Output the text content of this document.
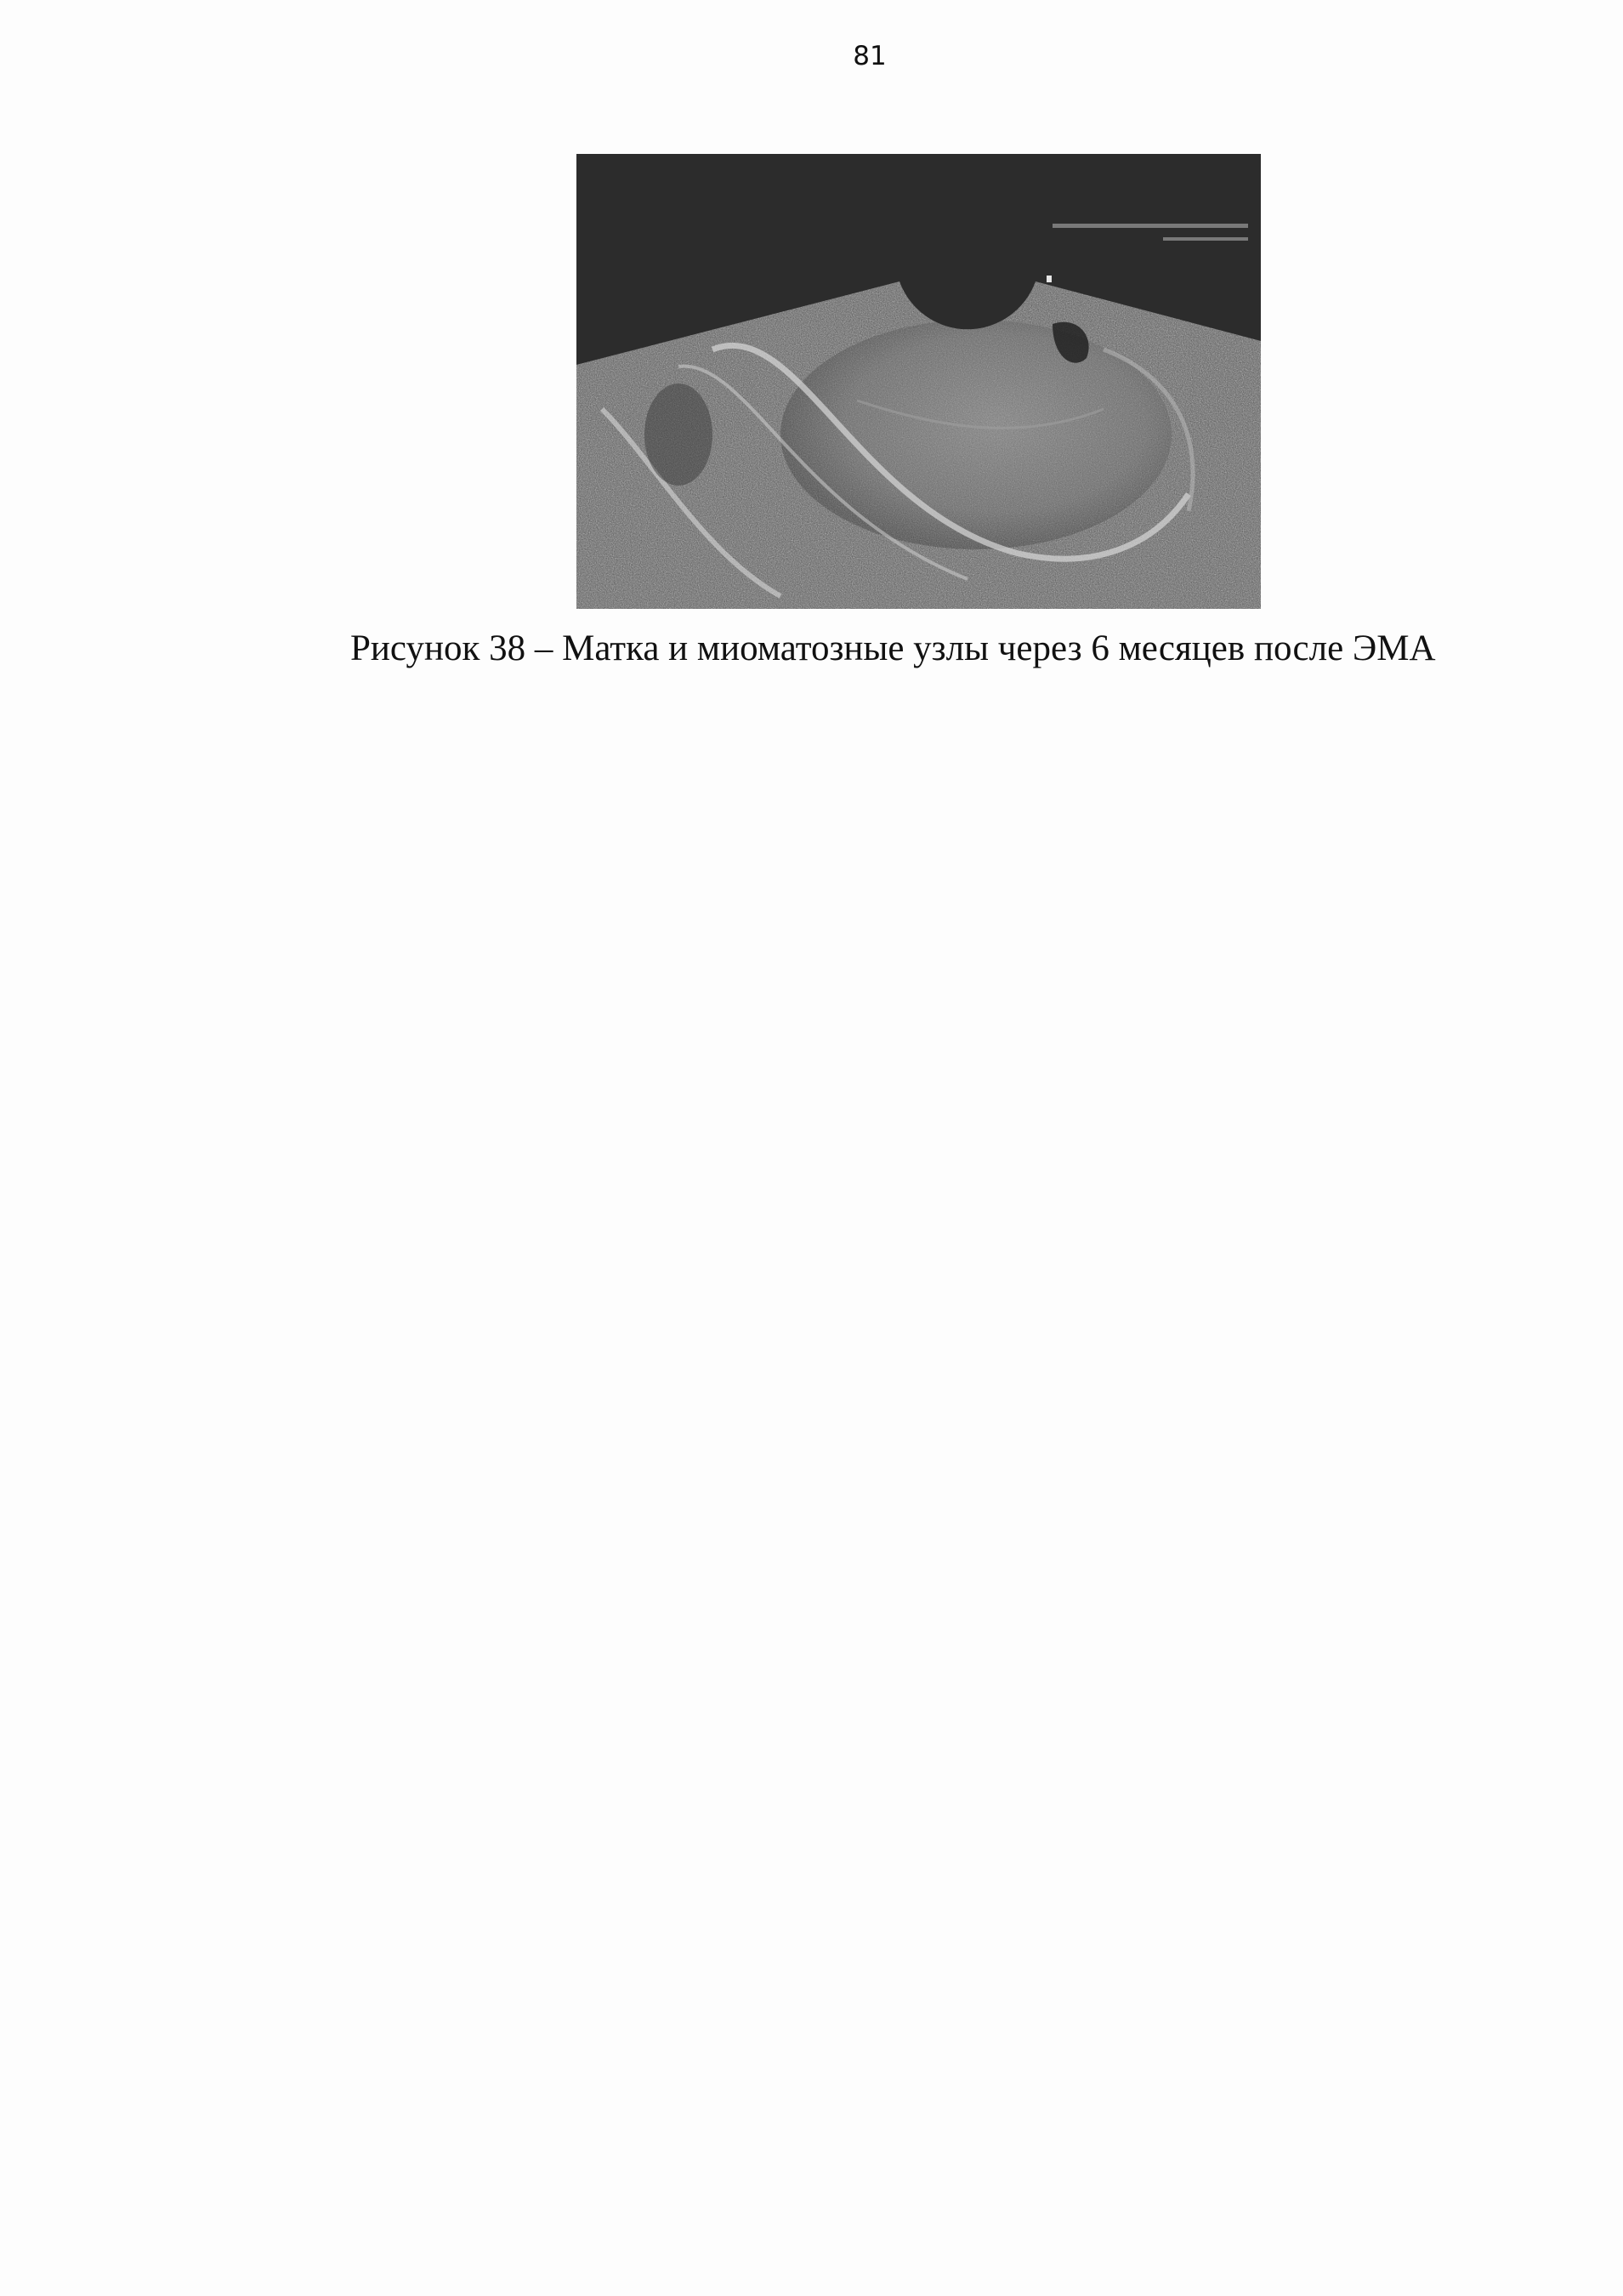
81
Рисунок 38 – Матка и миоматозные узлы через 6 месяцев после ЭМА
